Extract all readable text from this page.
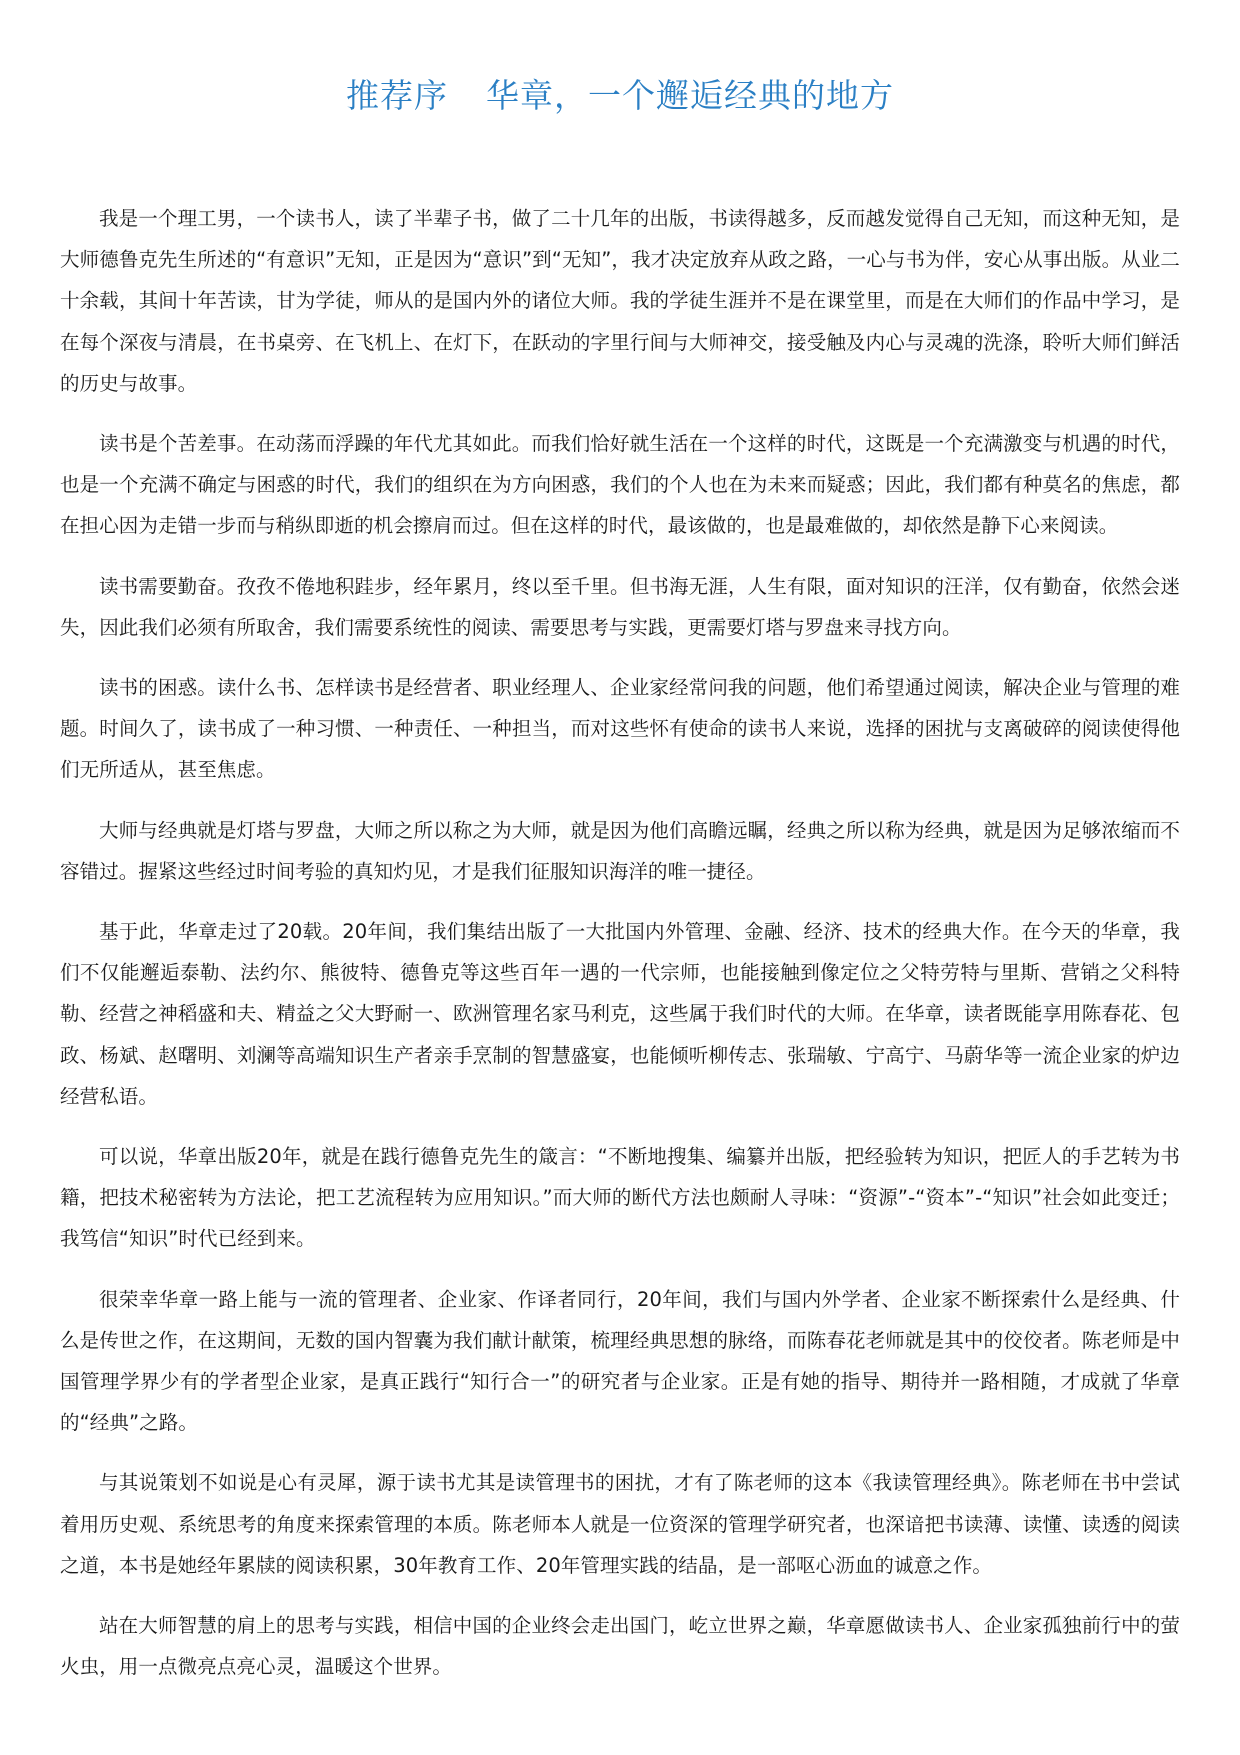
推荐序 华章，一个邂逅经典的地方

我是一个理工男，一个读书人，读了半辈子书，做了二十几年的出版，书读得越多，反而越发觉得自己无知，而这种无知，是大师德鲁克先生所述的“有意识”无知，正是因为“意识”到“无知”，我才决定放弃从政之路，一心与书为伴，安心从事出版。从业二十余载，其间十年苦读，甘为学徒，师从的是国内外的诸位大师。我的学徒生涯并不是在课堂里，而是在大师们的作品中学习，是在每个深夜与清晨，在书桌旁、在飞机上、在灯下，在跃动的字里行间与大师神交，接受触及内心与灵魂的洗涤，聆听大师们鲜活的历史与故事。

读书是个苦差事。在动荡而浮躁的年代尤其如此。而我们恰好就生活在一个这样的时代，这既是一个充满激变与机遇的时代，也是一个充满不确定与困惑的时代，我们的组织在为方向困惑，我们的个人也在为未来而疑惑；因此，我们都有种莫名的焦虑，都在担心因为走错一步而与稍纵即逝的机会擦肩而过。但在这样的时代，最该做的，也是最难做的，却依然是静下心来阅读。

读书需要勤奋。孜孜不倦地积跬步，经年累月，终以至千里。但书海无涯，人生有限，面对知识的汪洋，仅有勤奋，依然会迷失，因此我们必须有所取舍，我们需要系统性的阅读、需要思考与实践，更需要灯塔与罗盘来寻找方向。

读书的困惑。读什么书、怎样读书是经营者、职业经理人、企业家经常问我的问题，他们希望通过阅读，解决企业与管理的难题。时间久了，读书成了一种习惯、一种责任、一种担当，而对这些怀有使命的读书人来说，选择的困扰与支离破碎的阅读使得他们无所适从，甚至焦虑。

大师与经典就是灯塔与罗盘，大师之所以称之为大师，就是因为他们高瞻远瞩，经典之所以称为经典，就是因为足够浓缩而不容错过。握紧这些经过时间考验的真知灼见，才是我们征服知识海洋的唯一捷径。

基于此，华章走过了20载。20年间，我们集结出版了一大批国内外管理、金融、经济、技术的经典大作。在今天的华章，我们不仅能邂逅泰勒、法约尔、熊彼特、德鲁克等这些百年一遇的一代宗师，也能接触到像定位之父特劳特与里斯、营销之父科特勒、经营之神稻盛和夫、精益之父大野耐一、欧洲管理名家马利克，这些属于我们时代的大师。在华章，读者既能享用陈春花、包政、杨斌、赵曙明、刘澜等高端知识生产者亲手烹制的智慧盛宴，也能倾听柳传志、张瑞敏、宁高宁、马蔚华等一流企业家的炉边经营私语。

可以说，华章出版20年，就是在践行德鲁克先生的箴言：“不断地搜集、编纂并出版，把经验转为知识，把匠人的手艺转为书籍，把技术秘密转为方法论，把工艺流程转为应用知识。”而大师的断代方法也颇耐人寻味：“资源”-“资本”-“知识”社会如此变迁；我笃信“知识”时代已经到来。

很荣幸华章一路上能与一流的管理者、企业家、作译者同行，20年间，我们与国内外学者、企业家不断探索什么是经典、什么是传世之作，在这期间，无数的国内智囊为我们献计献策，梳理经典思想的脉络，而陈春花老师就是其中的佼佼者。陈老师是中国管理学界少有的学者型企业家，是真正践行“知行合一”的研究者与企业家。正是有她的指导、期待并一路相随，才成就了华章的“经典”之路。

与其说策划不如说是心有灵犀，源于读书尤其是读管理书的困扰，才有了陈老师的这本《我读管理经典》。陈老师在书中尝试着用历史观、系统思考的角度来探索管理的本质。陈老师本人就是一位资深的管理学研究者，也深谙把书读薄、读懂、读透的阅读之道，本书是她经年累牍的阅读积累，30年教育工作、20年管理实践的结晶，是一部呕心沥血的诚意之作。

站在大师智慧的肩上的思考与实践，相信中国的企业终会走出国门，屹立世界之巅，华章愿做读书人、企业家孤独前行中的萤火虫，用一点微亮点亮心灵，温暖这个世界。
